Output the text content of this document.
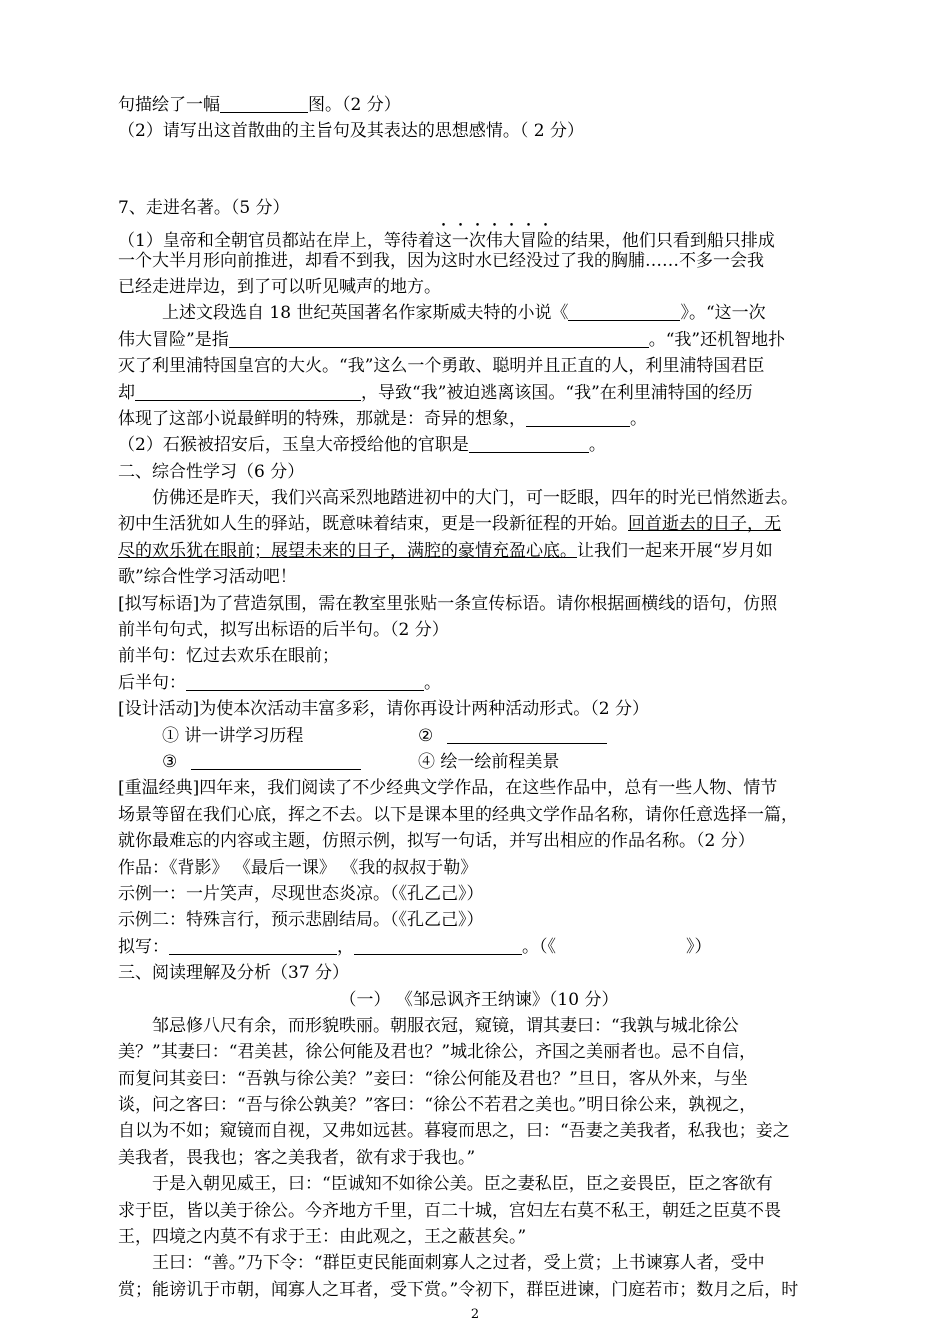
句描绘了一幅	图。（2 分）
（2）请写出这首散曲的主旨句及其表达的思想感情。（ 2 分）
7、走进名著。（5 分）
（1）皇帝和全朝官员都站在岸上，等待着这一次伟大冒险的结果，他们只看到船只排成
一个大半月形向前推进，却看不到我，因为这时水已经没过了我的胸脯……不多一会我
已经走进岸边，到了可以听见喊声的地方。
上述文段选自 18 世纪英国著名作家斯威夫特的小说《	》。“这一次
伟大冒险”是指	。“我”还机智地扑
灭了利里浦特国皇宫的大火。“我”这么一个勇敢、聪明并且正直的人，利里浦特国君臣
却	，导致“我”被迫逃离该国。“我”在利里浦特国的经历
体现了这部小说最鲜明的特殊，那就是：奇异的想象，	。
（2）石猴被招安后，玉皇大帝授给他的官职是	。
二、综合性学习（6 分）
仿佛还是昨天，我们兴高采烈地踏进初中的大门，可一眨眼，四年的时光已悄然逝去。
初中生活犹如人生的驿站，既意味着结束，更是一段新征程的开始。回首逝去的日子，无
尽的欢乐犹在眼前；展望未来的日子，满腔的豪情充盈心底。让我们一起来开展“岁月如
歌”综合性学习活动吧！
[拟写标语]为了营造氛围，需在教室里张贴一条宣传标语。请你根据画横线的语句，仿照
前半句句式，拟写出标语的后半句。（2 分）
前半句：忆过去欢乐在眼前；
后半句：	。
[设计活动]为使本次活动丰富多彩，请你再设计两种活动形式。（2 分）
① 讲一讲学习历程	②
③	④ 绘一绘前程美景
[重温经典]四年来，我们阅读了不少经典文学作品，在这些作品中，总有一些人物、情节
场景等留在我们心底，挥之不去。以下是课本里的经典文学作品名称，请你任意选择一篇，
就你最难忘的内容或主题，仿照示例，拟写一句话，并写出相应的作品名称。（2 分）
作品：《背影》 《最后一课》 《我的叔叔于勒》
示例一：一片笑声，尽现世态炎凉。（《孔乙己》）
示例二：特殊言行，预示悲剧结局。（《孔乙己》）
拟写：	，	。（《	》）
三、阅读理解及分析（37 分）
（一） 《邹忌讽齐王纳谏》（10 分）
邹忌修八尺有余，而形貌昳丽。朝服衣冠，窥镜，谓其妻曰：“我孰与城北徐公
美？”其妻曰：“君美甚，徐公何能及君也？”城北徐公，齐国之美丽者也。忌不自信，
而复问其妾曰：“吾孰与徐公美？”妾曰：“徐公何能及君也？”旦日，客从外来，与坐
谈，问之客曰：“吾与徐公孰美？”客曰：“徐公不若君之美也。”明日徐公来，孰视之，
自以为不如；窥镜而自视，又弗如远甚。暮寝而思之，曰：“吾妻之美我者，私我也；妾之
美我者，畏我也；客之美我者，欲有求于我也。”
于是入朝见威王，曰：“臣诚知不如徐公美。臣之妻私臣，臣之妾畏臣，臣之客欲有
求于臣，皆以美于徐公。今齐地方千里，百二十城，宫妇左右莫不私王，朝廷之臣莫不畏
王，四境之内莫不有求于王：由此观之，王之蔽甚矣。”
王曰：“善。”乃下令：“群臣吏民能面刺寡人之过者，受上赏；上书谏寡人者，受中
赏；能谤讥于市朝，闻寡人之耳者，受下赏。”令初下，群臣进谏，门庭若市；数月之后，时
2
